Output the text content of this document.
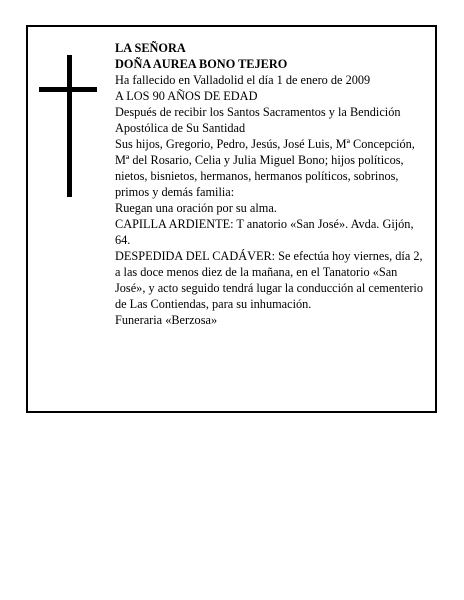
LA SEÑORA

DOÑA AUREA BONO TEJERO

Ha fallecido en Valladolid el día 1 de enero de 2009

A LOS 90 AÑOS DE EDAD

Después de recibir los Santos Sacramentos y la Bendición Apostólica de Su Santidad

Sus hijos, Gregorio, Pedro, Jesús, José Luis, Mª Concepción, Mª del Rosario, Celia y Julia Miguel Bono; hijos políticos, nietos, bisnietos, hermanos, hermanos políticos, sobrinos, primos y demás familia:

Ruegan una oración por su alma.

CAPILLA ARDIENTE: T anatorio «San José». Avda. Gijón, 64.

DESPEDIDA DEL CADÁVER: Se efectúa hoy viernes, día 2, a las doce menos diez de la mañana, en el Tanatorio «San José», y acto seguido tendrá lugar la conducción al cementerio de Las Contiendas, para su inhumación.

Funeraria «Berzosa»
